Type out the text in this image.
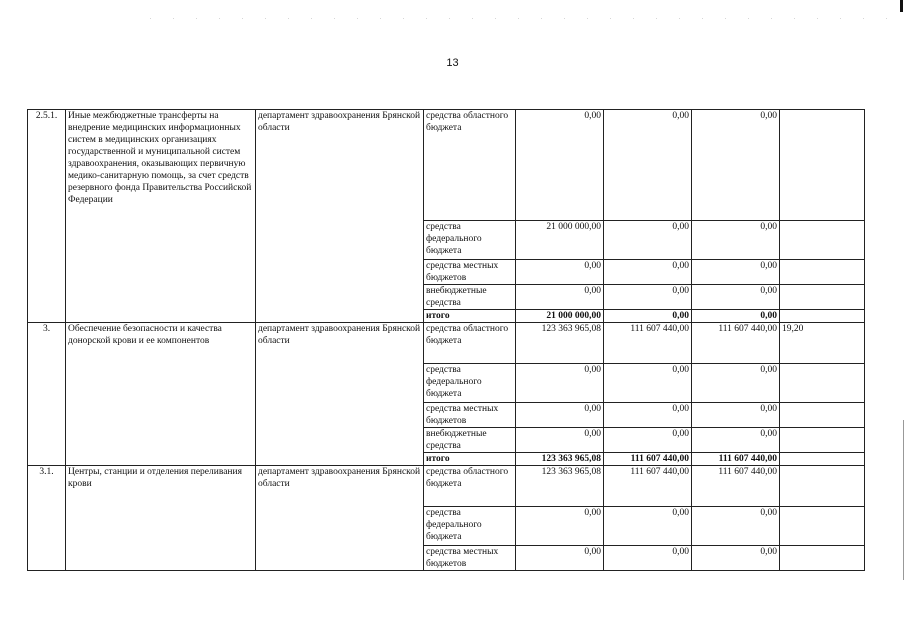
13
2.5.1.	Иные межбюджетные трансферты на внедрение медицинских информационных систем в медицинских организациях государственной и муниципальной систем здравоохранения, оказывающих первичную медико-санитарную помощь, за счет средств резервного фонда Правительства Российской Федерации	департамент здравоохранения Брянской области	средства областного бюджета	0,00	0,00	0,00	
			средства федерального бюджета	21 000 000,00	0,00	0,00	
			средства местных бюджетов	0,00	0,00	0,00	
			внебюджетные средства	0,00	0,00	0,00	
			итого	21 000 000,00	0,00	0,00	
3.	Обеспечение безопасности и качества донорской крови и ее компонентов	департамент здравоохранения Брянской области	средства областного бюджета	123 363 965,08	111 607 440,00	111 607 440,00	19,20
			средства федерального бюджета	0,00	0,00	0,00	
			средства местных бюджетов	0,00	0,00	0,00	
			внебюджетные средства	0,00	0,00	0,00	
			итого	123 363 965,08	111 607 440,00	111 607 440,00	
3.1.	Центры, станции и отделения переливания крови	департамент здравоохранения Брянской области	средства областного бюджета	123 363 965,08	111 607 440,00	111 607 440,00	
			средства федерального бюджета	0,00	0,00	0,00	
			средства местных бюджетов	0,00	0,00	0,00	
